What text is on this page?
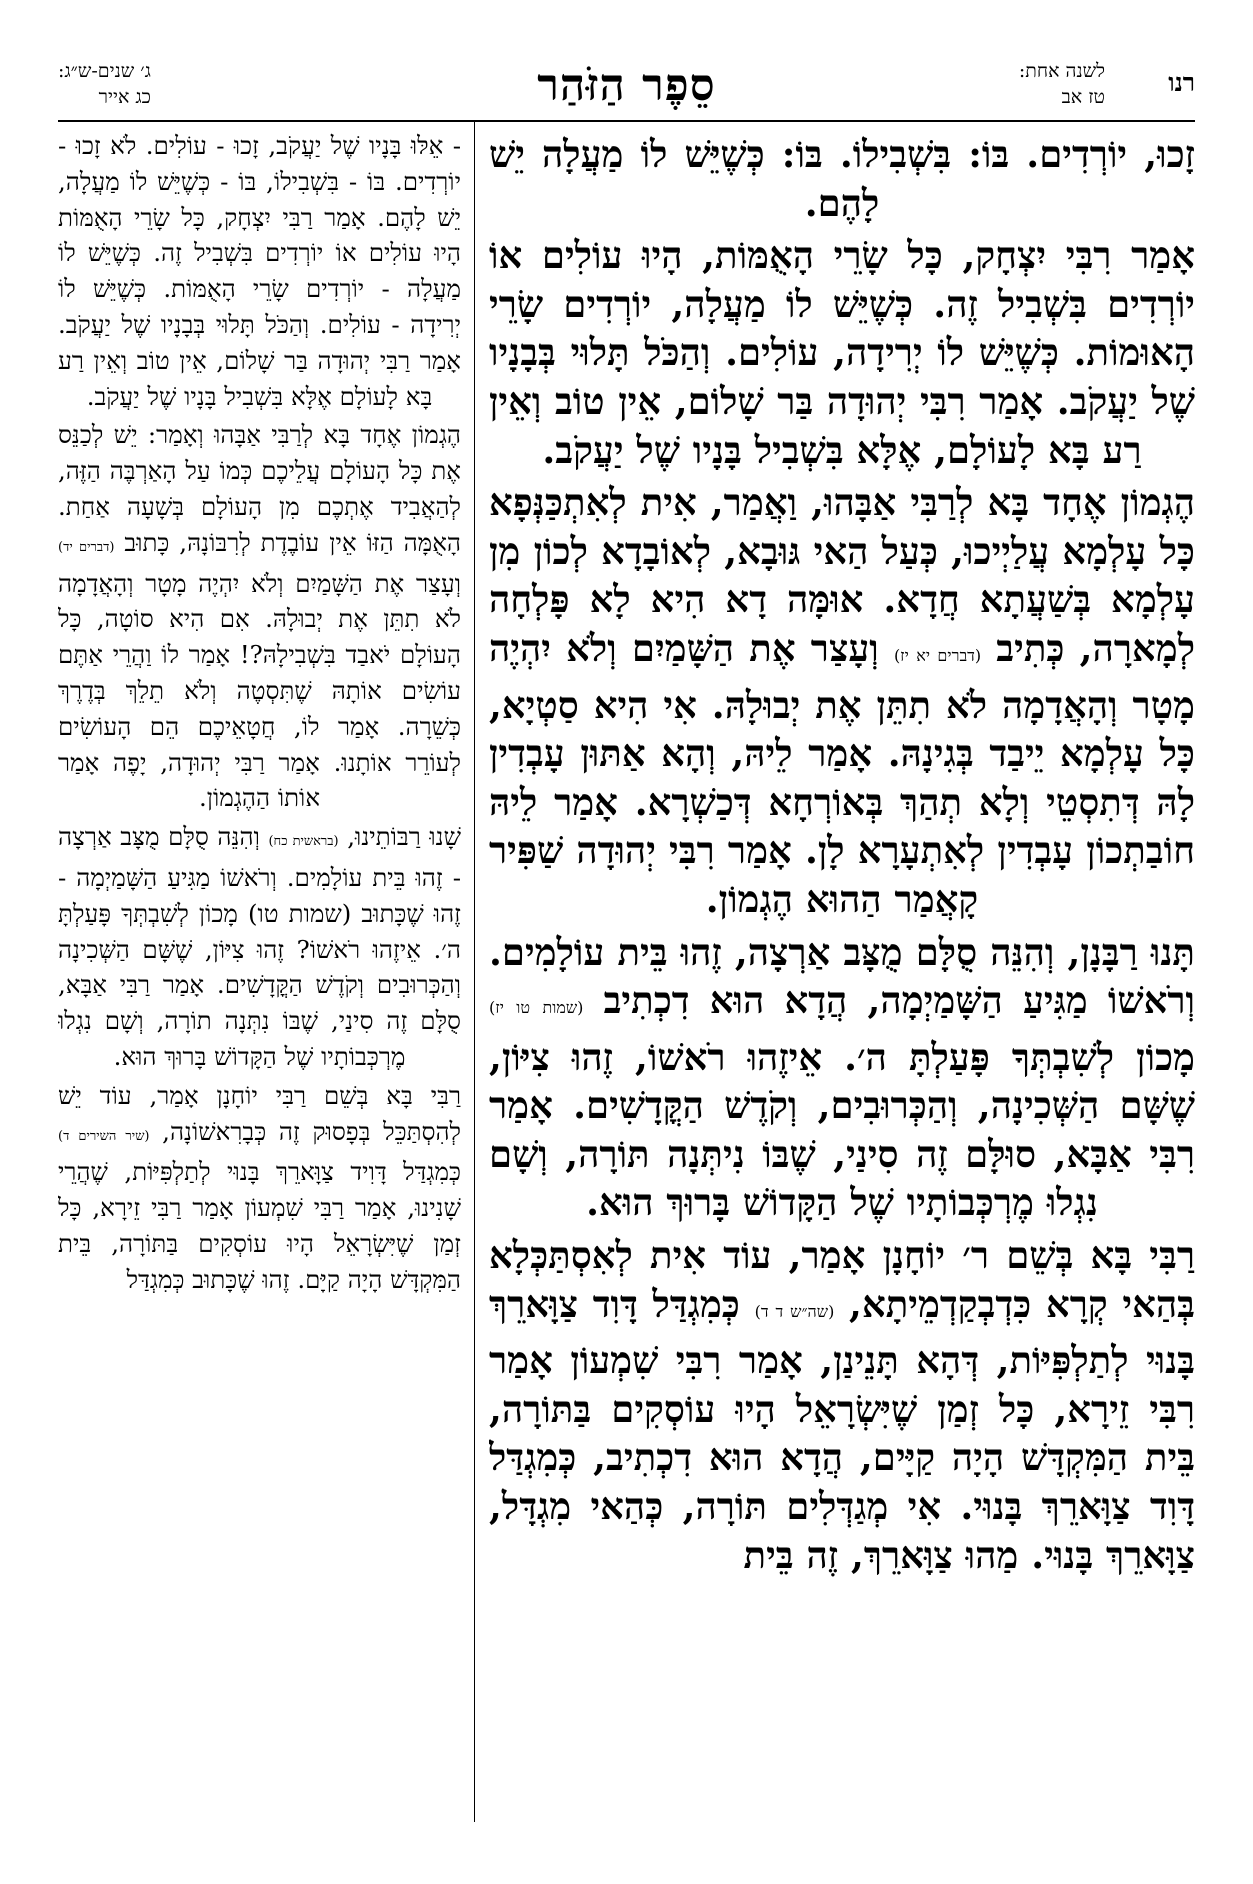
רנו
לשנה אחת:
טז אב
סֵפֶר הַזֹּהַר
ג׳ שנים-ש״ג:
כג אייר

זָכוּ, יוֹרְדִים. בּוֹ: בִּשְׁבִילוֹ. בּוֹ: כְּשֶׁיֵּשׁ לוֹ מַעֲלָה יֵשׁ לָהֶם.

אָמַר רִבִּי יִצְחָק, כָּל שָׂרֵי הָאֻמּוֹת, הָיוּ עוֹלִים אוֹ יוֹרְדִים בִּשְׁבִיל זֶה. כְּשֶׁיֵּשׁ לוֹ מַעֲלָה, יוֹרְדִים שָׂרֵי הָאוּמוֹת. כְּשֶׁיֵּשׁ לוֹ יְרִידָה, עוֹלִים. וְהַכֹּל תָּלוּי בְּבָנָיו שֶׁל יַעֲקֹב. אָמַר רִבִּי יְהוּדָה בַּר שָׁלוֹם, אֵין טוֹב וְאֵין רַע בָּא לָעוֹלָם, אֶלָּא בִּשְׁבִיל בָּנָיו שֶׁל יַעֲקֹב.

הֶגְמוֹן אֶחָד בָּא לְרַבִּי אַבָּהוּ, וַאֲמַר, אִית לְאִתְכַּנְּפָא כָּל עָלְמָא עֲלַיְיכוּ, כְּעַל הַאי גּוּבָא, לְאוֹבָדָא לְכוֹן מִן עָלְמָא בְּשַׁעֲתָא חֲדָא. אוּמָּה דָא הִיא לָא פָּלְחָה לְמָארָה, כְּתִיב (דברים יא יז) וְעָצַר אֶת הַשָּׁמַיִם וְלֹא יִהְיֶה מָטָר וְהָאֲדָמָה לֹא תִתֵּן אֶת יְבוּלָהּ. אִי הִיא סַטְיָא, כָּל עָלְמָא יֵיבַד בְּגִינָהּ. אָמַר לֵיהּ, וְהָא אַתּוּן עָבְדִין לָהּ דְּתִסְטֵי וְלָא תְהַךְ בְּאוֹרְחָא דְּכַשְׁרָא. אָמַר לֵיהּ חוֹבַתְכוֹן עָבְדִין לְאִתְעָרָא לָן. אָמַר רִבִּי יְהוּדָה שַׁפִּיר קָאֲמַר הַהוּא הֶגְמוֹן.

תָּנוּ רַבָּנָן, וְהִנֵּה סֻלָּם מֻצָּב אַרְצָה, זֶהוּ בֵּית עוֹלָמִים. וְרֹאשׁוֹ מַגִּיעַ הַשָּׁמַיְמָה, הֲדָא הוּא דִכְתִיב (שמות טו יז) מָכוֹן לְשִׁבְתְּךָ פָּעַלְתָּ ה׳. אֵיזֶהוּ רֹאשׁוֹ, זֶהוּ צִיּוֹן, שֶׁשָּׁם הַשְּׁכִינָה, וְהַכְּרוּבִים, וְקֹדֶשׁ הַקֳּדָשִׁים. אָמַר רִבִּי אַבָּא, סוּלָּם זֶה סִינַי, שֶׁבּוֹ נִיתְּנָה תּוֹרָה, וְשָׁם נִגְלוּ מֶרְכְּבוֹתָיו שֶׁל הַקָּדוֹשׁ בָּרוּךְ הוּא.

רַבִּי בָּא בְּשֵׁם ר׳ יוֹחָנָן אָמַר, עוֹד אִית לְאִסְתַּכְּלָא בְּהַאי קְרָא כִּדְבְקַדְמֵיתָא, (שה״ש ד ד) כְּמִגְדַּל דָּוִד צַוָּארֵךְ בָּנוּי לְתַלְפִּיּוֹת, דְּהָא תָּנֵינַן, אָמַר רִבִּי שִׁמְעוֹן אָמַר רִבִּי זֵירָא, כָּל זְמַן שֶׁיִּשְׂרָאֵל הָיוּ עוֹסְקִים בַּתּוֹרָה, בֵּית הַמִּקְדָּשׁ הָיָה קַיָּים, הֲדָא הוּא דִכְתִיב, כְּמִגְדַּל דָּוִד צַוָּארֵךְ בָּנוּי. אִי מְגַדְּלִים תּוֹרָה, כְּהַאי מִגְדָּל, צַוָּארֵךְ בָּנוּי. מַהוּ צַוָּארֵךְ, זֶה בֵּית

- אֵלּוּ בָּנָיו שֶׁל יַעֲקֹב, זָכוּ - עוֹלִים. לֹא זָכוּ - יוֹרְדִים. בּוֹ - בִּשְׁבִילוֹ, בּוֹ - כְּשֶׁיֵּשׁ לוֹ מַעֲלָה, יֵשׁ לָהֶם. אָמַר רַבִּי יִצְחָק, כָּל שָׂרֵי הָאֻמּוֹת הָיוּ עוֹלִים אוֹ יוֹרְדִים בִּשְׁבִיל זֶה. כְּשֶׁיֵּשׁ לוֹ מַעֲלָה - יוֹרְדִים שָׂרֵי הָאֻמּוֹת. כְּשֶׁיֵּשׁ לוֹ יְרִידָה - עוֹלִים. וְהַכֹּל תָּלוּי בְּבָנָיו שֶׁל יַעֲקֹב. אָמַר רַבִּי יְהוּדָה בַּר שָׁלוֹם, אֵין טוֹב וְאֵין רַע בָּא לָעוֹלָם אֶלָּא בִּשְׁבִיל בָּנָיו שֶׁל יַעֲקֹב.

הֶגְמוֹן אֶחָד בָּא לְרַבִּי אַבָּהוּ וְאָמַר: יֵשׁ לְכַנֵּס אֶת כָּל הָעוֹלָם עֲלֵיכֶם כְּמוֹ עַל הָאַרְבֶּה הַזֶּה, לְהַאֲבִיד אֶתְכֶם מִן הָעוֹלָם בְּשָׁעָה אַחַת. הָאֻמָּה הַזּוֹ אֵין עוֹבֶדֶת לְרִבּוֹנָהּ, כָּתוּב (דברים יד) וְעָצַר אֶת הַשָּׁמַיִם וְלֹא יִהְיֶה מָטָר וְהָאֲדָמָה לֹא תִתֵּן אֶת יְבוּלָהּ. אִם הִיא סוֹטָה, כָּל הָעוֹלָם יֹאבַד בִּשְׁבִילָהּ?! אָמַר לוֹ וַהֲרֵי אַתֶּם עוֹשִׂים אוֹתָהּ שֶׁתִּסְטֶה וְלֹא תֵלֵךְ בְּדֶרֶךְ כְּשֵׁרָה. אָמַר לוֹ, חֲטָאֵיכֶם הֵם הָעוֹשִׂים לְעוֹרֵר אוֹתָנוּ. אָמַר רַבִּי יְהוּדָה, יָפֶה אָמַר אוֹתוֹ הַהֶגְמוֹן.

שָׁנוּ רַבּוֹתֵינוּ, (בראשית כח) וְהִנֵּה סֻלָּם מֻצָּב אַרְצָה - זֶהוּ בֵּית עוֹלָמִים. וְרֹאשׁוֹ מַגִּיעַ הַשָּׁמַיְמָה - זֶהוּ שֶׁכָּתוּב (שמות טו) מָכוֹן לְשִׁבְתְּךָ פָּעַלְתָּ ה׳. אֵיזֶהוּ רֹאשׁוֹ? זֶהוּ צִיּוֹן, שֶׁשָּׁם הַשְּׁכִינָה וְהַכְּרוּבִים וְקֹדֶשׁ הַקֳּדָשִׁים. אָמַר רַבִּי אַבָּא, סֻלָּם זֶה סִינַי, שֶׁבּוֹ נִתְּנָה תוֹרָה, וְשָׁם נִגְלוּ מֶרְכְּבוֹתָיו שֶׁל הַקָּדוֹשׁ בָּרוּךְ הוּא.

רַבִּי בָּא בְּשֵׁם רַבִּי יוֹחָנָן אָמַר, עוֹד יֵשׁ לְהִסְתַּכֵּל בְּפָסוּק זֶה כְּבָרִאשׁוֹנָה, (שיר השירים ד) כְּמִגְדַּל דָּוִיד צַוָּארֵךְ בָּנוּי לְתַלְפִּיּוֹת, שֶׁהֲרֵי שָׁנִינוּ, אָמַר רַבִּי שִׁמְעוֹן אָמַר רַבִּי זֵירָא, כָּל זְמַן שֶׁיִּשְׂרָאֵל הָיוּ עוֹסְקִים בַּתּוֹרָה, בֵּית הַמִּקְדָּשׁ הָיָה קַיָּם. זֶהוּ שֶׁכָּתוּב כְּמִגְדַּל
